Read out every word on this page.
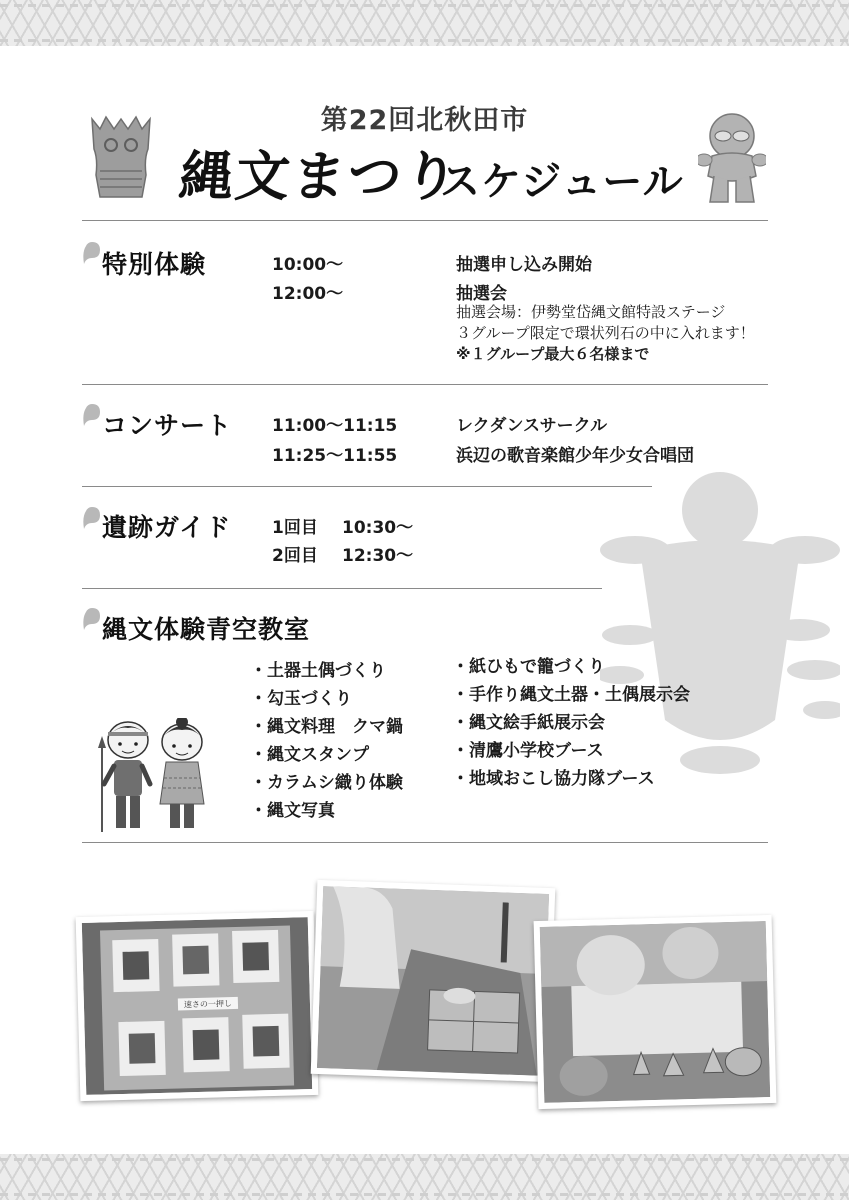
第22回北秋田市
縄文まつり
スケジュール
特別体験	10:00〜	抽選申し込み開始
12:00〜	抽選会
抽選会場：伊勢堂岱縄文館特設ステージ
３グループ限定で環状列石の中に入れます！
※１グループ最大６名様まで
コンサート 11:00〜11:15	レクダンスサークル
11:25〜11:55	浜辺の歌音楽館少年少女合唱団
遺跡ガイド 1回目 10:30〜
2回目 12:30〜
縄文体験青空教室
・土器土偶づくり
・勾玉づくり
・縄文料理　クマ鍋
・縄文スタンプ
・カラムシ織り体験
・縄文写真
・紙ひもで籠づくり
・手作り縄文土器・土偶展示会
・縄文絵手紙展示会
・清鷹小学校ブース
・地域おこし協力隊ブース
速さの一押し
